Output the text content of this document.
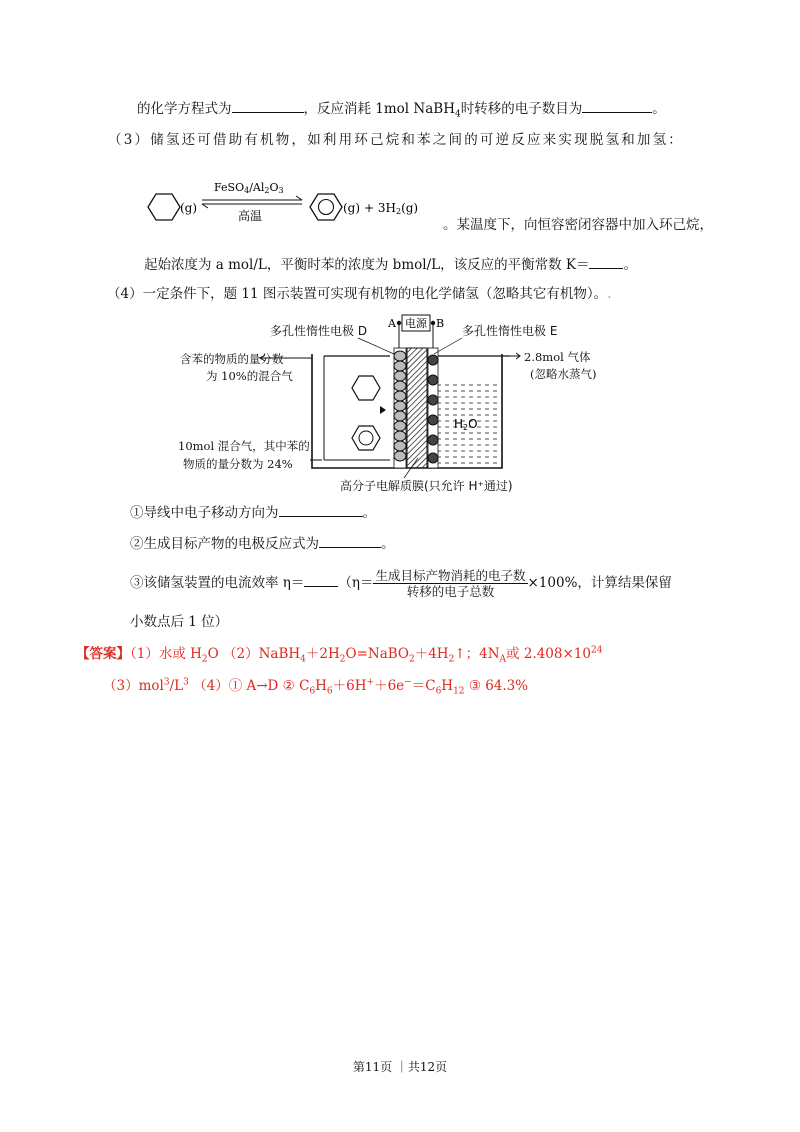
的化学方程式为	，反应消耗 1mol NaBH$_4$时转移的电子数目为	。
（3）储氢还可借助有机物，如利用环己烷和苯之间的可逆反应来实现脱氢和加氢：
(g)
FeSO4/Al2O3
高温
(g) + 3H2(g)
。某温度下，向恒容密闭容器中加入环己烷，
起始浓度为 a mol/L，平衡时苯的浓度为 bmol/L，该反应的平衡常数 K＝	。
（4）一定条件下，题 11 图示装置可实现有机物的电化学储氢（忽略其它有机物）。.
电源
A	B
H2O
多孔性惰性电极 D	多孔性惰性电极 E
含苯的物质的量分数
为 10%的混合气
2.8mol 气体
(忽略水蒸气)
10mol 混合气，其中苯的
物质的量分数为 24%
高分子电解质膜(只允许 H⁺通过)
①导线中电子移动方向为	。
②生成目标产物的电极反应式为	。
③该储氢装置的电流效率 η＝	（$\eta= \frac{\text{生成目标产物消耗的电子数}}{\text{转移的电子总数}} \times 100\%$，计算结果保留
小数点后 1 位）
【答案】（1）水或 $H_2O$ $(2)NaBH_4+2H_2O=NaBO_2+4H_2↑$；$4N_A$或 $2.408\times 10^{24}$
$(3)mol^3/L^3$ （4）① A→D ② $C_6H_6+6H^++6e^-=C_6H_{12}$ ③ 64.3%
第11页 ｜共12页
